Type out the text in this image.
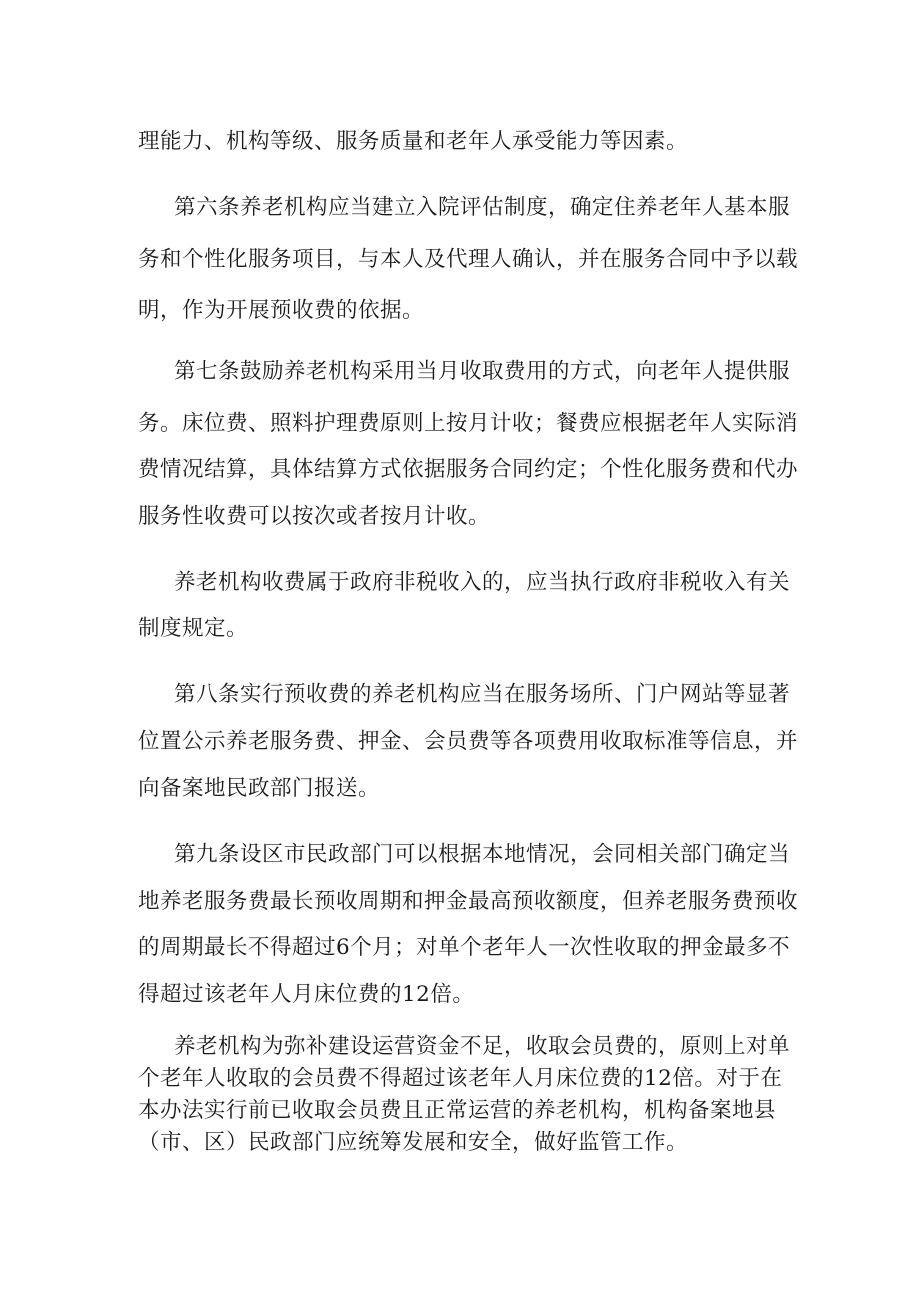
理能力、机构等级、服务质量和老年人承受能力等因素。
第六条养老机构应当建立入院评估制度，确定住养老年人基本服
务和个性化服务项目，与本人及代理人确认，并在服务合同中予以载
明，作为开展预收费的依据。
第七条鼓励养老机构采用当月收取费用的方式，向老年人提供服
务。床位费、照料护理费原则上按月计收；餐费应根据老年人实际消
费情况结算，具体结算方式依据服务合同约定；个性化服务费和代办
服务性收费可以按次或者按月计收。
养老机构收费属于政府非税收入的，应当执行政府非税收入有关
制度规定。
第八条实行预收费的养老机构应当在服务场所、门户网站等显著
位置公示养老服务费、押金、会员费等各项费用收取标准等信息，并
向备案地民政部门报送。
第九条设区市民政部门可以根据本地情况，会同相关部门确定当
地养老服务费最长预收周期和押金最高预收额度，但养老服务费预收
的周期最长不得超过6个月；对单个老年人一次性收取的押金最多不
得超过该老年人月床位费的12倍。
养老机构为弥补建设运营资金不足，收取会员费的，原则上对单
个老年人收取的会员费不得超过该老年人月床位费的12倍。对于在
本办法实行前已收取会员费且正常运营的养老机构，机构备案地县
（市、区）民政部门应统筹发展和安全，做好监管工作。
